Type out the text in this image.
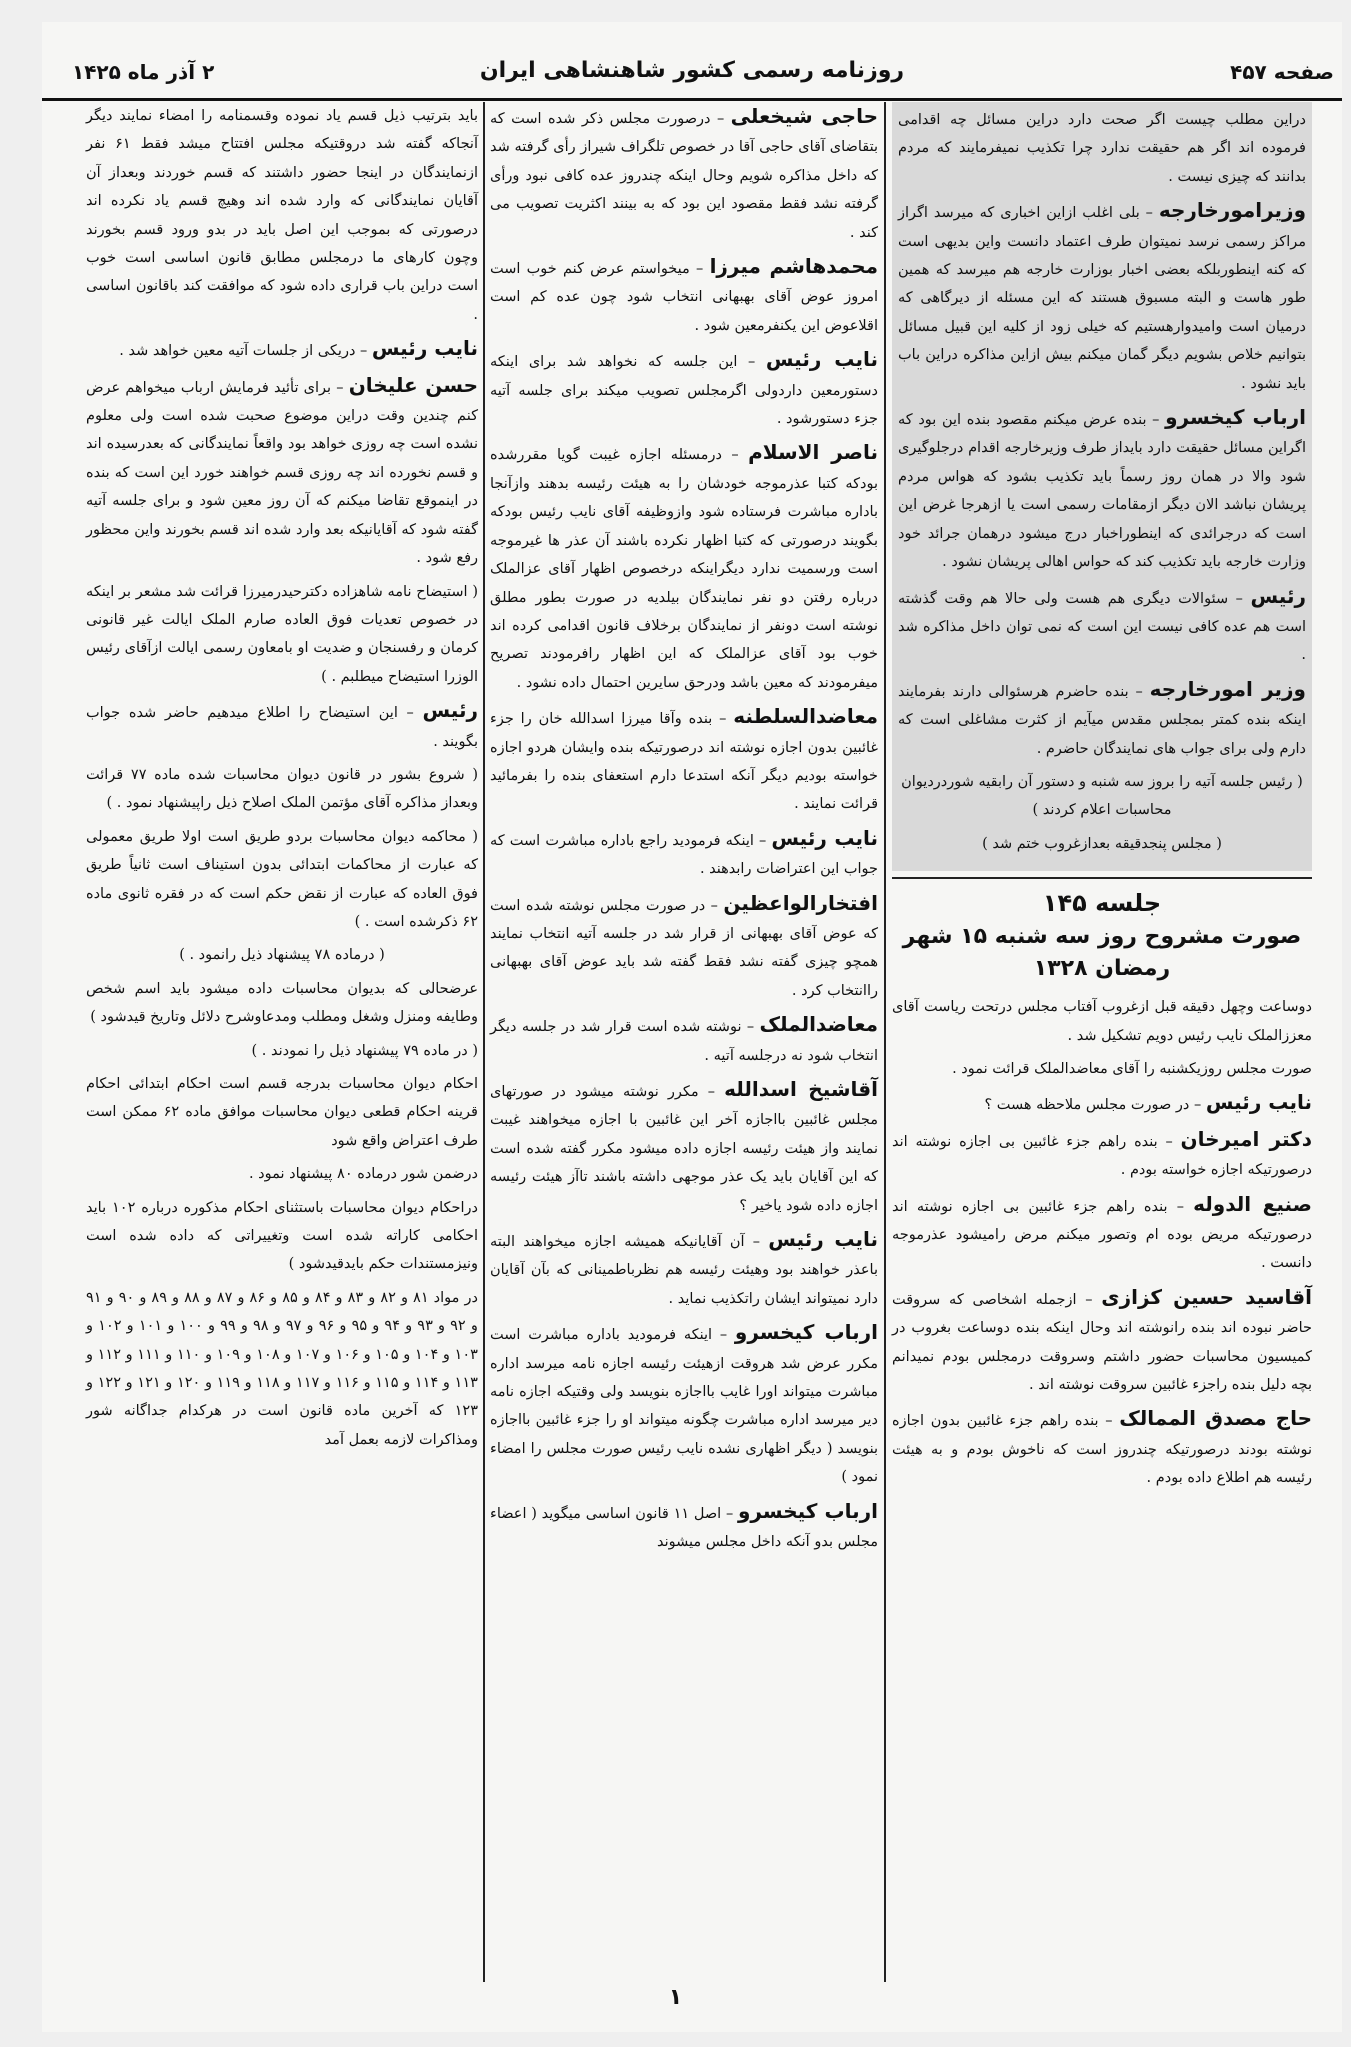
صفحه ۴۵۷
روزنامه رسمی کشور شاهنشاهی ایران
۲ آذر ماه ۱۴۲۵

دراین مطلب چیست اگر صحت دارد دراین مسائل چه اقدامی فرموده اند اگر هم حقیقت ندارد چرا تکذیب نمیفرمایند که مردم بدانند که چیزی نیست .

وزیرامورخارجه – بلی اغلب ازاین اخباری که میرسد اگراز مراکز رسمی نرسد نمیتوان طرف اعتماد دانست واین بدیهی است که کنه اینطوربلکه بعضی اخبار بوزارت خارجه هم میرسد که همین طور هاست و البته مسبوق هستند که این مسئله از دیرگاهی که درمیان است وامیدوارهستیم که خیلی زود از کلیه این قبیل مسائل بتوانیم خلاص بشویم دیگر گمان میکنم بیش ازاین مذاکره دراین باب باید نشود .

ارباب کیخسرو – بنده عرض میکنم مقصود بنده این بود که اگراین مسائل حقیقت دارد بایداز طرف وزیرخارجه اقدام درجلوگیری شود والا در همان روز رسماً باید تکذیب بشود که هواس مردم پریشان نباشد الان دیگر ازمقامات رسمی است یا ازهرجا غرض این است که درجرائدی که اینطوراخبار درج میشود درهمان جرائد خود وزارت خارجه باید تکذیب کند که حواس اهالی پریشان نشود .

رئیس – سئوالات دیگری هم هست ولی حالا هم وقت گذشته است هم عده کافی نیست این است که نمی توان داخل مذاکره شد .

وزیر امورخارجه – بنده حاضرم هرسئوالی دارند بفرمایند اینکه بنده کمتر بمجلس مقدس میآیم از کثرت مشاغلی است که دارم ولی برای جواب های نمایندگان حاضرم .

( رئیس جلسه آتیه را بروز سه شنبه و دستور آن رابقیه شوردردیوان محاسبات اعلام کردند )

( مجلس پنجدقیقه بعدازغروب ختم شد )

جلسه ۱۴۵
صورت مشروح روز سه شنبه ۱۵ شهر رمضان ۱۳۲۸

دوساعت وچهل دقیقه قبل ازغروب آفتاب مجلس درتحت ریاست آقای معززالملک نایب رئیس دویم تشکیل شد .

صورت مجلس روزیکشنبه را آقای معاضدالملک قرائت نمود .

نایب رئیس – در صورت مجلس ملاحظه هست ؟

دکتر امیرخان – بنده راهم جزء غائبین بی اجازه نوشته اند درصورتیکه اجازه خواسته بودم .

صنیع الدوله – بنده راهم جزء غائبین بی اجازه نوشته اند درصورتیکه مریض بوده ام وتصور میکنم مرض رامیشود عذرموجه دانست .

آقاسید حسین کزازی – ازجمله اشخاصی که سروقت حاضر نبوده اند بنده رانوشته اند وحال اینکه بنده دوساعت بغروب در کمیسیون محاسبات حضور داشتم وسروقت درمجلس بودم نمیدانم بچه دلیل بنده راجزء غائبین سروقت نوشته اند .

حاج مصدق الممالک – بنده راهم جزء غائبین بدون اجازه نوشته بودند درصورتیکه چندروز است که ناخوش بودم و به هیئت رئیسه هم اطلاع داده بودم .

حاجی شیخعلی – درصورت مجلس ذکر شده است که بتقاضای آقای حاجی آقا در خصوص تلگراف شیراز رأی گرفته شد که داخل مذاکره شویم وحال اینکه چندروز عده کافی نبود ورأی گرفته نشد فقط مقصود این بود که به بینند اکثریت تصویب می کند .

محمدهاشم میرزا – میخواستم عرض کنم خوب است امروز عوض آقای بهبهانی انتخاب شود چون عده کم است اقلاعوض این یکنفرمعین شود .

نایب رئیس – این جلسه که نخواهد شد برای اینکه دستورمعین داردولی اگرمجلس تصویب میکند برای جلسه آتیه جزء دستورشود .

ناصر الاسلام – درمسئله اجازه غیبت گویا مقررشده بودکه کتبا عذرموجه خودشان را به هیئت رئیسه بدهند وازآنجا باداره مباشرت فرستاده شود وازوظیفه آقای نایب رئیس بودکه بگویند درصورتی که کتبا اظهار نکرده باشند آن عذر ها غیرموجه است ورسمیت ندارد دیگراینکه درخصوص اظهار آقای عزالملک درباره رفتن دو نفر نمایندگان بیلدیه در صورت بطور مطلق نوشته است دونفر از نمایندگان برخلاف قانون اقدامی کرده اند خوب بود آقای عزالملک که این اظهار رافرمودند تصریح میفرمودند که معین باشد ودرحق سایرین احتمال داده نشود .

معاضدالسلطنه – بنده وآقا میرزا اسدالله خان را جزء غائبین بدون اجازه نوشته اند درصورتیکه بنده وایشان هردو اجازه خواسته بودیم دیگر آنکه استدعا دارم استعفای بنده را بفرمائید قرائت نمایند .

نایب رئیس – اینکه فرمودید راجع باداره مباشرت است که جواب این اعتراضات رابدهند .

افتخارالواعظین – در صورت مجلس نوشته شده است که عوض آقای بهبهانی از قرار شد در جلسه آتیه انتخاب نمایند همچو چیزی گفته نشد فقط گفته شد باید عوض آقای بهبهانی راانتخاب کرد .

معاضدالملک – نوشته شده است قرار شد در جلسه دیگر انتخاب شود نه درجلسه آتیه .

آقاشیخ اسدالله – مکرر نوشته میشود در صورتهای مجلس غائبین بااجازه آخر این غائبین با اجازه میخواهند غیبت نمایند واز هیئت رئیسه اجازه داده میشود مکرر گفته شده است که این آقایان باید یک عذر موجهی داشته باشند تاآز هیئت رئیسه اجازه داده شود یاخیر ؟

نایب رئیس – آن آقایانیکه همیشه اجازه میخواهند البته باعذر خواهند بود وهیئت رئیسه هم نظرباطمینانی که بآن آقایان دارد نمیتواند ایشان راتکذیب نماید .

ارباب کیخسرو – اینکه فرمودید باداره مباشرت است مکرر عرض شد هروقت ازهیئت رئیسه اجازه نامه میرسد اداره مباشرت میتواند اورا غایب بااجازه بنویسد ولی وقتیکه اجازه نامه دیر میرسد اداره مباشرت چگونه میتواند او را جزء غائبین بااجازه بنویسد ( دیگر اظهاری نشده نایب رئیس صورت مجلس را امضاء نمود )

ارباب کیخسرو – اصل ۱۱ قانون اساسی میگوید ( اعضاء مجلس بدو آنکه داخل مجلس میشوند

باید بترتیب ذیل قسم یاد نموده وقسمنامه را امضاء نمایند دیگر آنجاکه گفته شد دروقتیکه مجلس افتتاح میشد فقط ۶۱ نفر ازنمایندگان در اینجا حضور داشتند که قسم خوردند وبعداز آن آقایان نمایندگانی که وارد شده اند وهیچ قسم یاد نکرده اند درصورتی که بموجب این اصل باید در بدو ورود قسم بخورند وچون کارهای ما درمجلس مطابق قانون اساسی است خوب است دراین باب قراری داده شود که موافقت کند باقانون اساسی .

نایب رئیس – دریکی از جلسات آتیه معین خواهد شد .

حسن علیخان – برای تأئید فرمایش ارباب میخواهم عرض کنم چندین وقت دراین موضوع صحبت شده است ولی معلوم نشده است چه روزی خواهد بود واقعاً نمایندگانی که بعدرسیده اند و قسم نخورده اند چه روزی قسم خواهند خورد این است که بنده در اینموقع تقاضا میکنم که آن روز معین شود و برای جلسه آتیه گفته شود که آقایانیکه بعد وارد شده اند قسم بخورند واین محظور رفع شود .

( استیضاح نامه شاهزاده دکترحیدرمیرزا قرائت شد مشعر بر اینکه در خصوص تعدیات فوق العاده صارم الملک ایالت غیر قانونی کرمان و رفسنجان و ضدیت او بامعاون رسمی ایالت ازآقای رئیس الوزرا استیضاح میطلبم . )

رئیس – این استیضاح را اطلاع میدهیم حاضر شده جواب بگویند .

( شروع بشور در قانون دیوان محاسبات شده ماده ۷۷ قرائت وبعداز مذاکره آقای مؤتمن الملک اصلاح ذیل راپیشنهاد نمود . )

( محاکمه دیوان محاسبات بردو طریق است اولا طریق معمولی که عبارت از محاکمات ابتدائی بدون استیناف است ثانیاً طریق فوق العاده که عبارت از نقض حکم است که در فقره ثانوی ماده ۶۲ ذکرشده است . )

( درماده ۷۸ پیشنهاد ذیل رانمود . )

عرضحالی که بدیوان محاسبات داده میشود باید اسم شخص وطایفه ومنزل وشغل ومطلب ومدعاوشرح دلائل وتاریخ قیدشود )

( در ماده ۷۹ پیشنهاد ذیل را نمودند . )

احکام دیوان محاسبات بدرجه قسم است احکام ابتدائی احکام قرینه احکام قطعی دیوان محاسبات موافق ماده ۶۲ ممکن است طرف اعتراض واقع شود

درضمن شور درماده ۸۰ پیشنهاد نمود .

دراحکام دیوان محاسبات باستثنای احکام مذکوره درباره ۱۰۲ باید احکامی کاراته شده است وتغییراتی که داده شده است ونیزمستندات حکم بایدقیدشود )

در مواد ۸۱ و ۸۲ و ۸۳ و ۸۴ و ۸۵ و ۸۶ و ۸۷ و ۸۸ و ۸۹ و ۹۰ و ۹۱ و ۹۲ و ۹۳ و ۹۴ و ۹۵ و ۹۶ و ۹۷ و ۹۸ و ۹۹ و ۱۰۰ و ۱۰۱ و ۱۰۲ و ۱۰۳ و ۱۰۴ و ۱۰۵ و ۱۰۶ و ۱۰۷ و ۱۰۸ و ۱۰۹ و ۱۱۰ و ۱۱۱ و ۱۱۲ و ۱۱۳ و ۱۱۴ و ۱۱۵ و ۱۱۶ و ۱۱۷ و ۱۱۸ و ۱۱۹ و ۱۲۰ و ۱۲۱ و ۱۲۲ و ۱۲۳ که آخرین ماده قانون است در هرکدام جداگانه شور ومذاکرات لازمه بعمل آمد

۱
